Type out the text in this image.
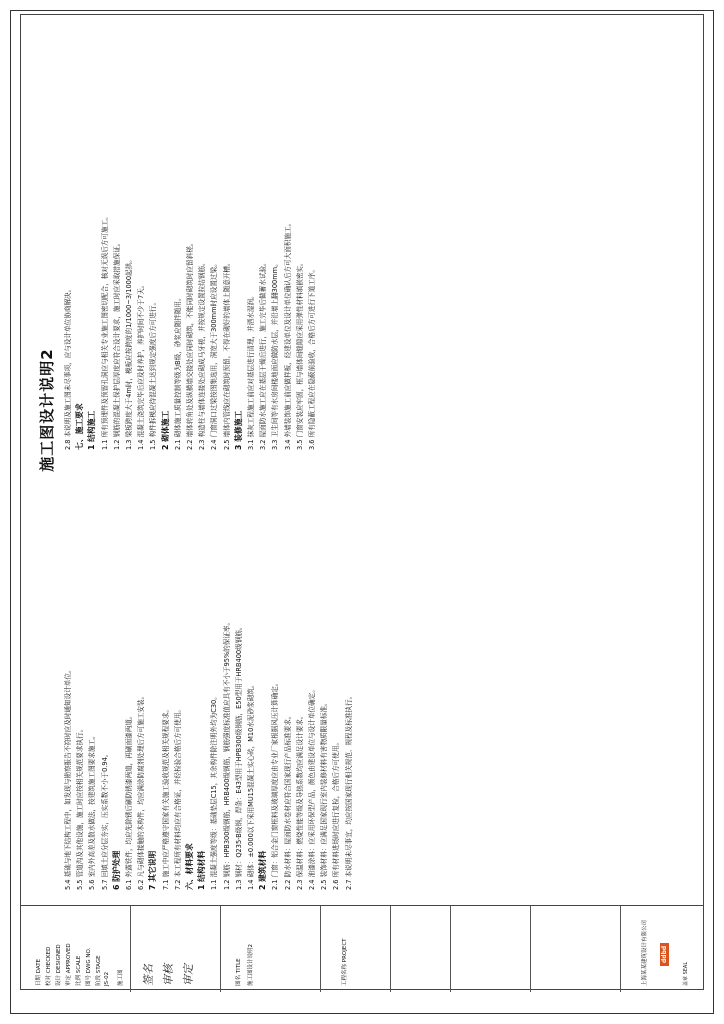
施工图设计说明2
5.4 基础与地下结构工程中，如发现与勘察报告不符时应及时通知设计单位。 5.5 管道沟及其他设施，施工时应按相关规范要求执行。 5.6 室内外高差及散水做法，按建筑施工图要求施工。 5.7 回填土应分层夯实，压实系数不小于0.94。 6 防护处理 6.1 外露铁件，均应先除锈后刷防锈漆两道，再刷面漆两道。 6.2 凡与砌体接触的木构件，均应满涂防腐剂处理后方可施工安装。 7 其它说明 7.1 施工中应严格遵守国家有关施工验收规范及相关规程要求。 7.2 本工程所有材料均应有合格证，并经检验合格后方可使用。 六、材料要求 1 结构材料 1.1 混凝土强度等级：基础垫层C15，其余构件除注明外均为C30。 1.2 钢筋：HPB300级钢筋，HRB400级钢筋，钢筋强度标准值应具有不小于95%的保证率。 1.3 钢材：Q235-B级钢，焊条：E43型用于HPB300级钢筋，E50型用于HRB400级钢筋。 1.4 砌体：±0.000以下采用MU15混凝土实心砖，M10水泥砂浆砌筑。 2 建筑材料 2.1 门窗：铝合金门窗框料及玻璃厚度应由专业厂家根据风压计算确定。 2.2 防水材料：屋面防水卷材应符合国家现行产品标准要求。 2.3 保温材料：燃烧性能等级及导热系数均应满足设计要求。 2.4 油漆涂料：应采用环保型产品，颜色由建设单位与设计单位确定。 2.5 装饰材料：应满足国家现行室内装修材料有害物质限量标准。 2.6 所有材料进场时应进行复检，合格后方可使用。 2.7 本说明未尽事宜，均应按国家现行相关规范、规程及标准执行。
2.8 本说明及施工图未尽事项，应与设计单位协商解决。 七、施工要求 1 结构施工 1.1 所有预埋件及预留孔洞应与相关专业施工图密切配合，核对无误后方可施工。 1.2 钢筋的混凝土保护层厚度应符合设计要求，施工时应采取措施保证。 1.3 梁板跨度大于4m时，模板应按跨度的1/1000~3/1000起拱。 1.4 混凝土浇筑完毕后应及时养护，养护时间不少于7天。 1.5 构件拆模应待混凝土达到规定强度后方可进行。 2 砌体施工 2.1 砌体施工质量控制等级为B级，砂浆应随拌随用。 2.2 墙体转角处及纵横墙交接处应同时砌筑，不能同时砌筑时应留斜槎。 2.3 构造柱与墙体连接处应砌成马牙槎，并按规定设置拉结钢筋。 2.4 门窗洞口过梁按图集选用，洞宽大于300mm时应设置过梁。 2.5 墙体内管线应在砌筑时预留，不得在砌好的墙体上随意开槽。 3 装修施工 3.1 抹灰工程施工前应对基层进行清理，并洒水湿润。 3.2 屋面防水施工应在基层干燥后进行，施工完毕后做蓄水试验。 3.3 卫生间等有水房间楼地面应做防水层，并沿墙上翻300mm。 3.4 外墙装饰施工前应做样板，经建设单位及设计单位确认后方可大面积施工。 3.5 门窗安装应牢固，框与墙体间缝隙应采用弹性材料填嵌密实。 3.6 所有隐蔽工程应在隐蔽前验收，合格后方可进行下道工序。
日期 DATE 校对 CHECKED 设计 DESIGNED 审定 APPROVED 比例 SCALE 图号 DWG NO. 阶段 STAGE JS-02	施工图 签名 审核 审定	图名 TITLE	施工图设计说明2	工程名称 PROJECT	上海某某建筑设计有限公司 ddbd
盖章 SEAL
